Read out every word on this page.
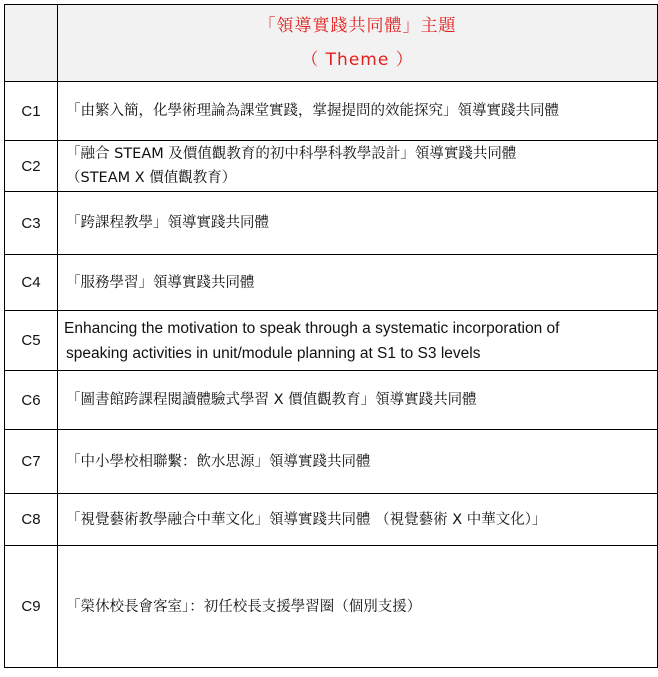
	「領導實踐共同體」主題
（ Theme ）

C1	「由繁入簡，化學術理論為課堂實踐，掌握提問的效能探究」領導實踐共同體

C2	「融合 STEAM 及價值觀教育的初中科學科教學設計」領導實踐共同體
（STEAM X 價值觀教育）

C3	「跨課程教學」領導實踐共同體

C4	「服務學習」領導實踐共同體

C5	Enhancing the motivation to speak through a systematic incorporation of
speaking activities in unit/module planning at S1 to S3 levels

C6	「圖書館跨課程閱讀體驗式學習 X 價值觀教育」領導實踐共同體

C7	「中小學校相聯繫：飲水思源」領導實踐共同體

C8	「視覺藝術教學融合中華文化」領導實踐共同體 （視覺藝術 X 中華文化）」

C9	「榮休校長會客室」：初任校長支援學習圈（個別支援）
